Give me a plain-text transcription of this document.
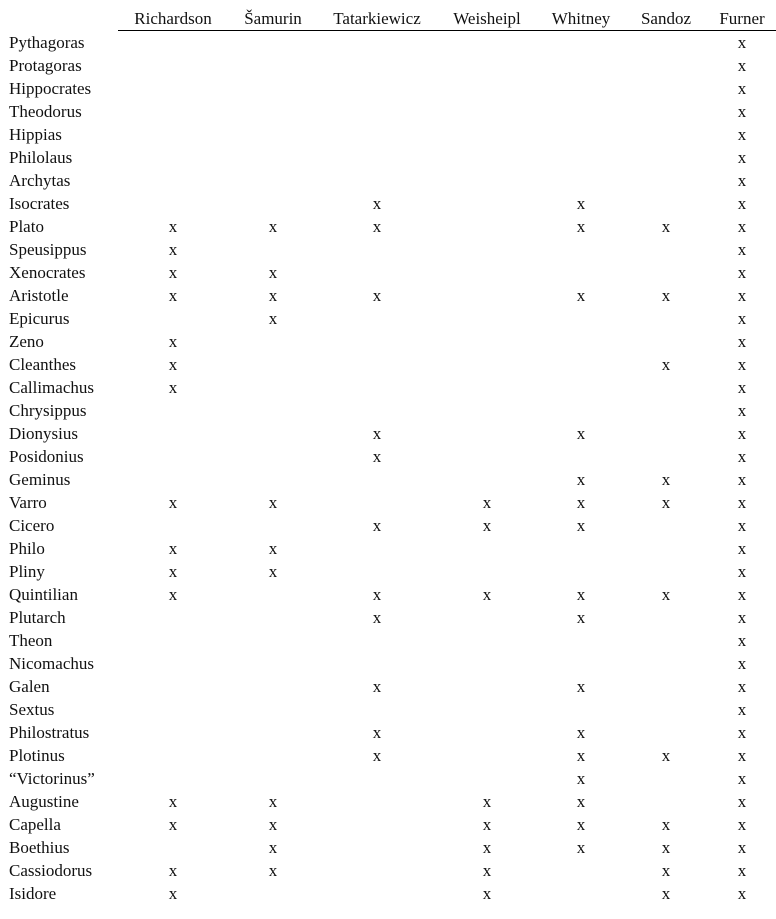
	Richardson	Šamurin	Tatarkiewicz	Weisheipl	Whitney	Sandoz	Furner
Pythagoras							x
Protagoras							x
Hippocrates							x
Theodorus							x
Hippias							x
Philolaus							x
Archytas							x
Isocrates			x		x		x
Plato	x	x	x		x	x	x
Speusippus	x						x
Xenocrates	x	x					x
Aristotle	x	x	x		x	x	x
Epicurus		x					x
Zeno	x						x
Cleanthes	x					x	x
Callimachus	x						x
Chrysippus							x
Dionysius			x		x		x
Posidonius			x				x
Geminus					x	x	x
Varro	x	x		x	x	x	x
Cicero			x	x	x		x
Philo	x	x					x
Pliny	x	x					x
Quintilian	x		x	x	x	x	x
Plutarch			x		x		x
Theon							x
Nicomachus							x
Galen			x		x		x
Sextus							x
Philostratus			x		x		x
Plotinus			x		x	x	x
“Victorinus”					x		x
Augustine	x	x		x	x		x
Capella	x	x		x	x	x	x
Boethius		x		x	x	x	x
Cassiodorus	x	x		x		x	x
Isidore	x			x		x	x
